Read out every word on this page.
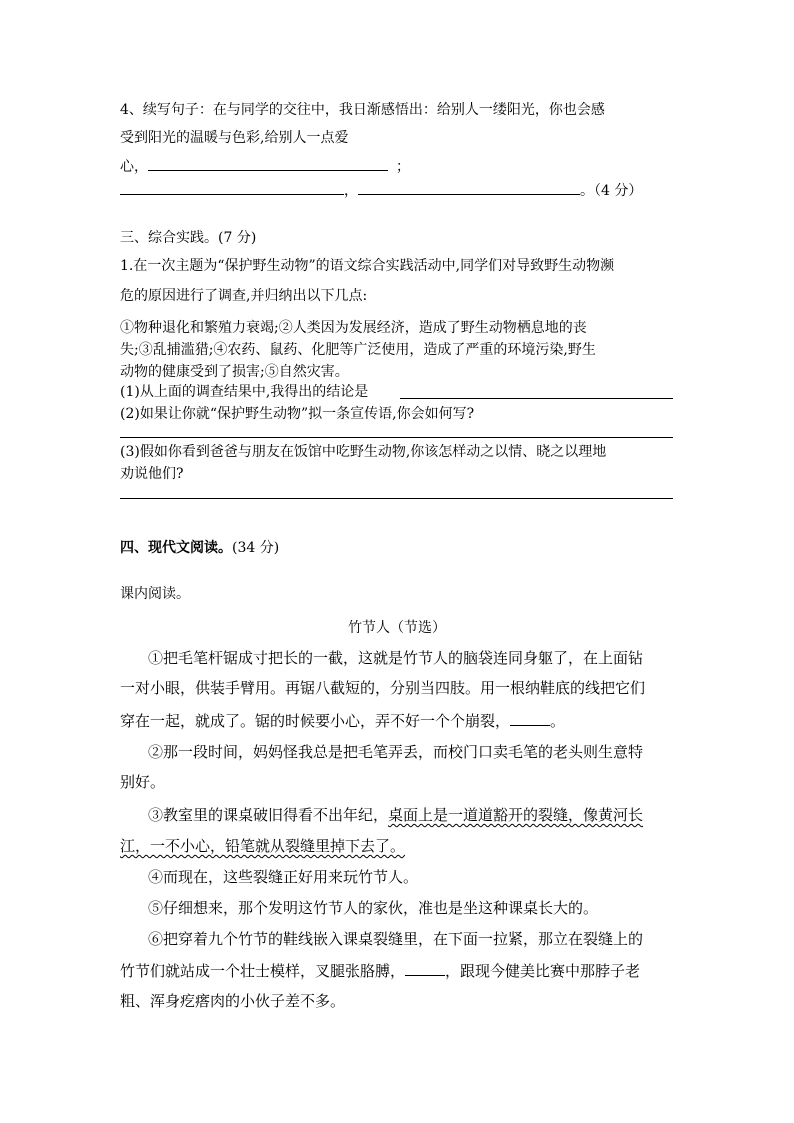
4、续写句子：在与同学的交往中，我日渐感悟出：给别人一缕阳光，你也会感
受到阳光的温暖与色彩,给别人一点爱
心，	；
，	。（4 分）
三、综合实践。(7 分)
1.在一次主题为“保护野生动物”的语文综合实践活动中,同学们对导致野生动物濒
危的原因进行了调查,并归纳出以下几点:
①物种退化和繁殖力衰竭;②人类因为发展经济，造成了野生动物栖息地的丧
失;③乱捕滥猎;④农药、鼠药、化肥等广泛使用，造成了严重的环境污染,野生
动物的健康受到了损害;⑤自然灾害。
(1)从上面的调查结果中,我得出的结论是
(2)如果让你就“保护野生动物”拟一条宣传语,你会如何写?
(3)假如你看到爸爸与朋友在饭馆中吃野生动物,你该怎样动之以情、晓之以理地
劝说他们?
四、现代文阅读。(34 分)
课内阅读。
竹节人（节选）
①把毛笔杆锯成寸把长的一截，这就是竹节人的脑袋连同身躯了，在上面钻
一对小眼，供装手臂用。再锯八截短的，分别当四肢。用一根纳鞋底的线把它们
穿在一起，就成了。锯的时候要小心，弄不好一个个崩裂，	。
②那一段时间，妈妈怪我总是把毛笔弄丢，而校门口卖毛笔的老头则生意特
别好。
③教室里的课桌破旧得看不出年纪，桌面上是一道道豁开的裂缝，像黄河长
江，一不小心，铅笔就从裂缝里掉下去了。
④而现在，这些裂缝正好用来玩竹节人。
⑤仔细想来，那个发明这竹节人的家伙，准也是坐这种课桌长大的。
⑥把穿着九个竹节的鞋线嵌入课桌裂缝里，在下面一拉紧，那立在裂缝上的
竹节们就站成一个壮士模样，叉腿张胳膊，	，跟现今健美比赛中那脖子老
粗、浑身疙瘩肉的小伙子差不多。
